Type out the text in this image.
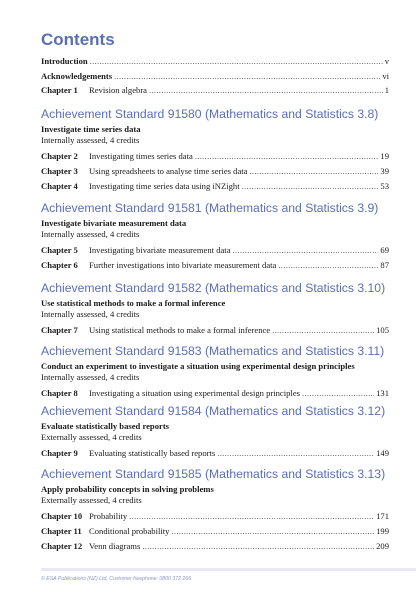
Contents
Introduction .....	v
Acknowledgements .....	vi
Chapter 1	Revision algebra .....	1
Achievement Standard 91580 (Mathematics and Statistics 3.8)
Investigate time series data
Internally assessed, 4 credits
Chapter 2	Investigating times series data .....	19
Chapter 3	Using spreadsheets to analyse time series data .....	39
Chapter 4	Investigating time series data using iNZight .....	53
Achievement Standard 91581 (Mathematics and Statistics 3.9)
Investigate bivariate measurement data
Internally assessed, 4 credits
Chapter 5	Investigating bivariate measurement data .....	69
Chapter 6	Further investigations into bivariate measurement data .....	87
Achievement Standard 91582 (Mathematics and Statistics 3.10)
Use statistical methods to make a formal inference
Internally assessed, 4 credits
Chapter 7	Using statistical methods to make a formal inference .....	105
Achievement Standard 91583 (Mathematics and Statistics 3.11)
Conduct an experiment to investigate a situation using experimental design principles
Internally assessed, 4 credits
Chapter 8	Investigating a situation using experimental design principles .....	131
Achievement Standard 91584 (Mathematics and Statistics 3.12)
Evaluate statistically based reports
Externally assessed, 4 credits
Chapter 9	Evaluating statistically based reports .....	149
Achievement Standard 91585 (Mathematics and Statistics 3.13)
Apply probability concepts in solving problems
Externally assessed, 4 credits
Chapter 10 Probability .....	171
Chapter 11 Conditional probability .....	199
Chapter 12 Venn diagrams .....	209
© ESA Publications (NZ) Ltd, Customer freephone: 0800 372 266
